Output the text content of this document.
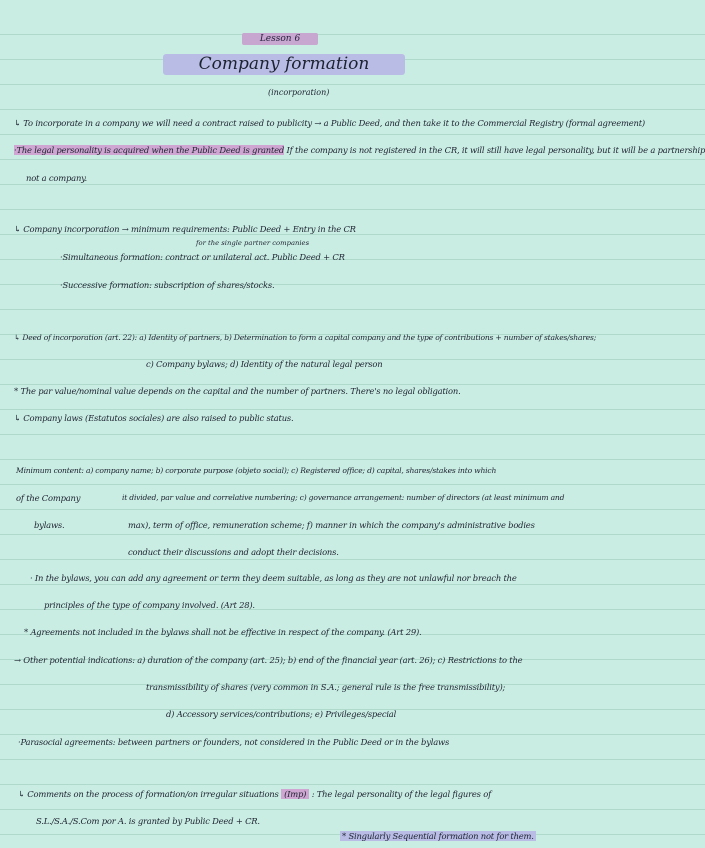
Lesson 6
Company formation
(incorporation)
↳ To incorporate in a company we will need a contract raised to publicity → a Public Deed, and then take it to the Commercial Registry (formal agreement)
·The legal personality is acquired when the Public Deed is granted If the company is not registered in the CR, it will still have legal personality, but it will be a partnership
not a company.
↳ Company incorporation → minimum requirements: Public Deed + Entry in the CR
for the single partner companies
·Simultaneous formation: contract or unilateral act. Public Deed + CR
·Successive formation: subscription of shares/stocks.
↳ Deed of incorporation (art. 22): a) Identity of partners, b) Determination to form a capital company and the type of contributions + number of stakes/shares;
c) Company bylaws; d) Identity of the natural legal person
* The par value/nominal value depends on the capital and the number of partners. There's no legal obligation.
↳ Company laws (Estatutos sociales) are also raised to public status.
Minimum content: a) company name; b) corporate purpose (objeto social); c) Registered office; d) capital, shares/stakes into which
of the Company	it divided, par value and correlative numbering; c) governance arrangement: number of directors (at least minimum and
bylaws.	max), term of office, remuneration scheme; f) manner in which the company's administrative bodies
conduct their discussions and adopt their decisions.
· In the bylaws, you can add any agreement or term they deem suitable, as long as they are not unlawful nor breach the
principles of the type of company involved. (Art 28).
* Agreements not included in the bylaws shall not be effective in respect of the company. (Art 29).
→ Other potential indications: a) duration of the company (art. 25); b) end of the financial year (art. 26); c) Restrictions to the
transmissibility of shares (very common in S.A.; general rule is the free transmissibility);
d) Accessory services/contributions; e) Privileges/special
·Parasocial agreements: between partners or founders, not considered in the Public Deed or in the bylaws
↳ Comments on the process of formation/on irregular situations (Imp) : The legal personality of the legal figures of
S.L./S.A./S.Com por A. is granted by Public Deed + CR.
* Singularly Sequential formation not for them.
